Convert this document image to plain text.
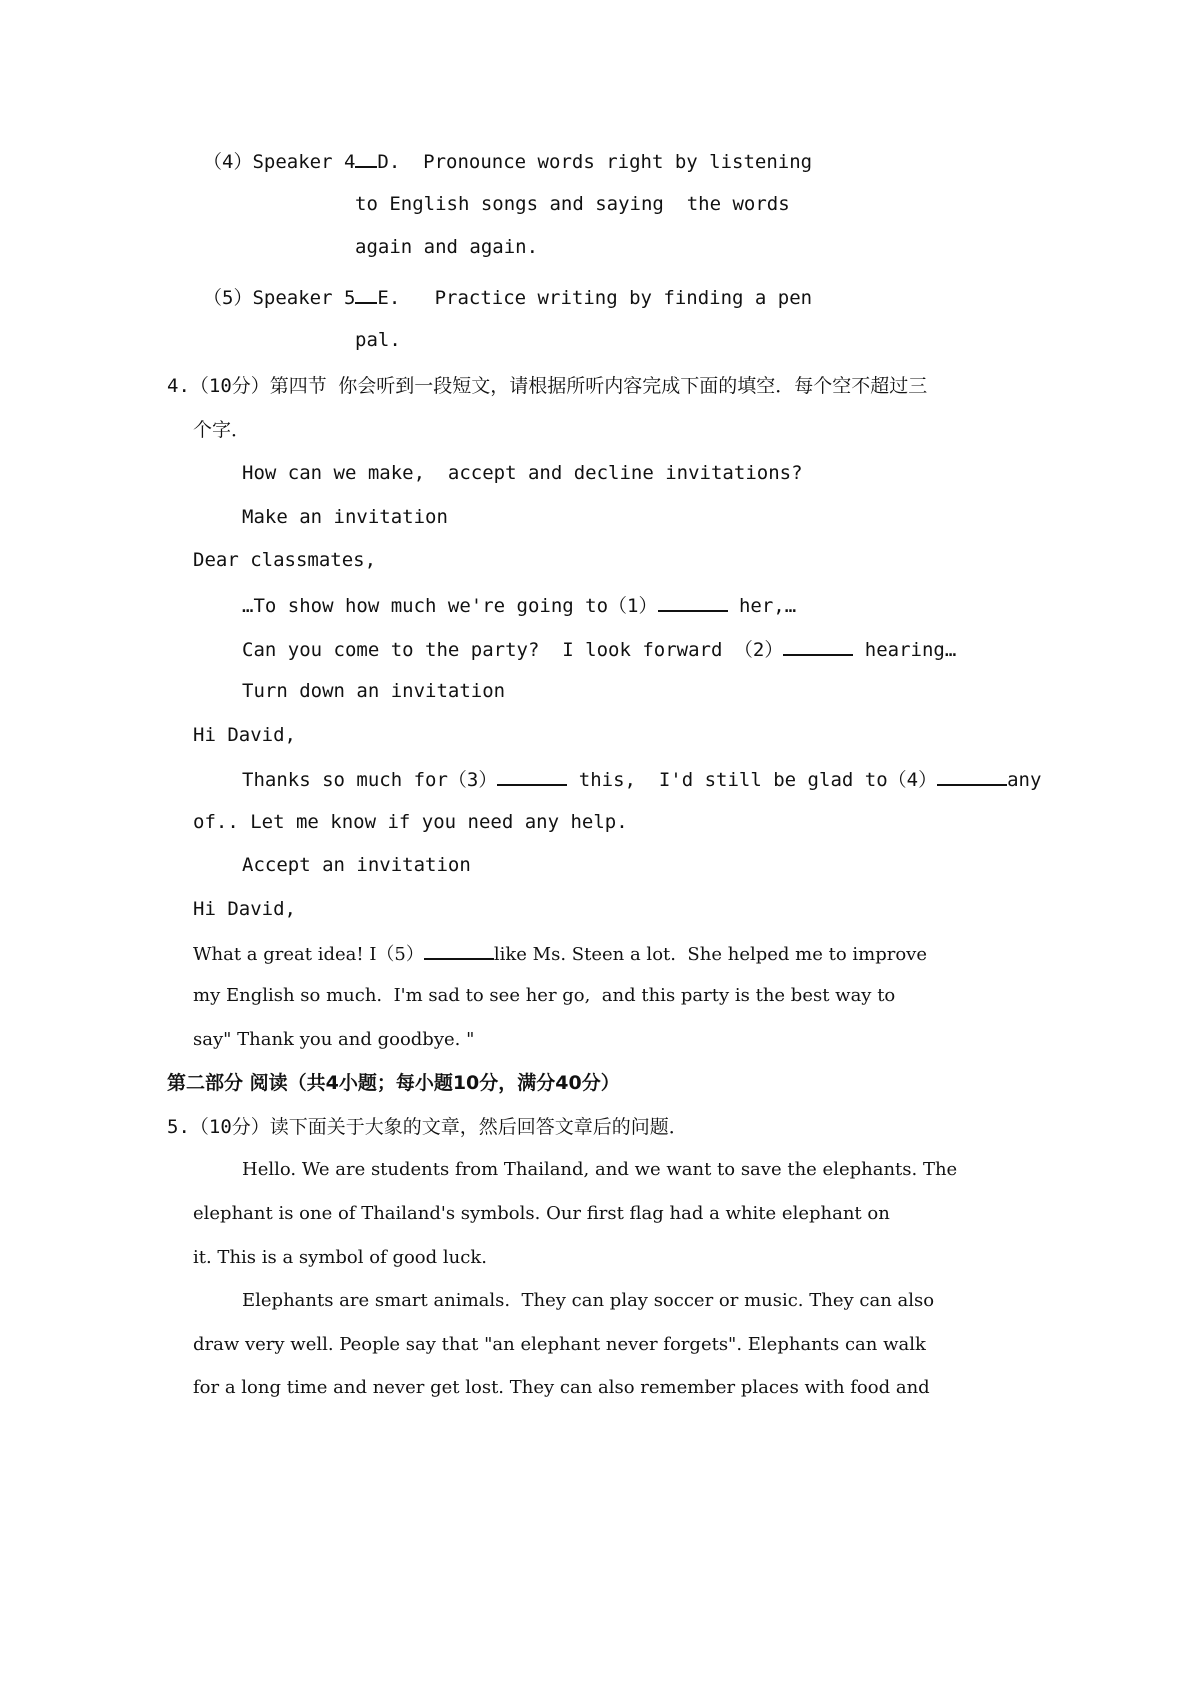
（4）Speaker 4 D. Pronounce words right by listening
to English songs and saying  the words
again and again.
（5）Speaker 5 E. Practice writing by finding a pen
pal.
4.（10分）第四节 你会听到一段短文，请根据所听内容完成下面的填空．每个空不超过三
个字．
How can we make,  accept and decline invitations?
Make an invitation
Dear classmates,
…To show how much we're going to（1）	her,…
Can you come to the party?  I look forward （2）	hearing…
Turn down an invitation
Hi David,
Thanks so much for（3）	this,  I'd still be glad to（4）	any
of.. Let me know if you need any help.
Accept an invitation
Hi David,
What a great idea! I（5）	like Ms. Steen a lot.  She helped me to improve
my English so much.  I'm sad to see her go,  and this party is the best way to
say" Thank you and goodbye. "
第二部分 阅读（共4小题；每小题10分，满分40分）
5.（10分）读下面关于大象的文章，然后回答文章后的问题．
Hello. We are students from Thailand, and we want to save the elephants. The
elephant is one of Thailand's symbols. Our first flag had a white elephant on
it. This is a symbol of good luck.
Elephants are smart animals.  They can play soccer or music. They can also
draw very well. People say that "an elephant never forgets". Elephants can walk
for a long time and never get lost. They can also remember places with food and
